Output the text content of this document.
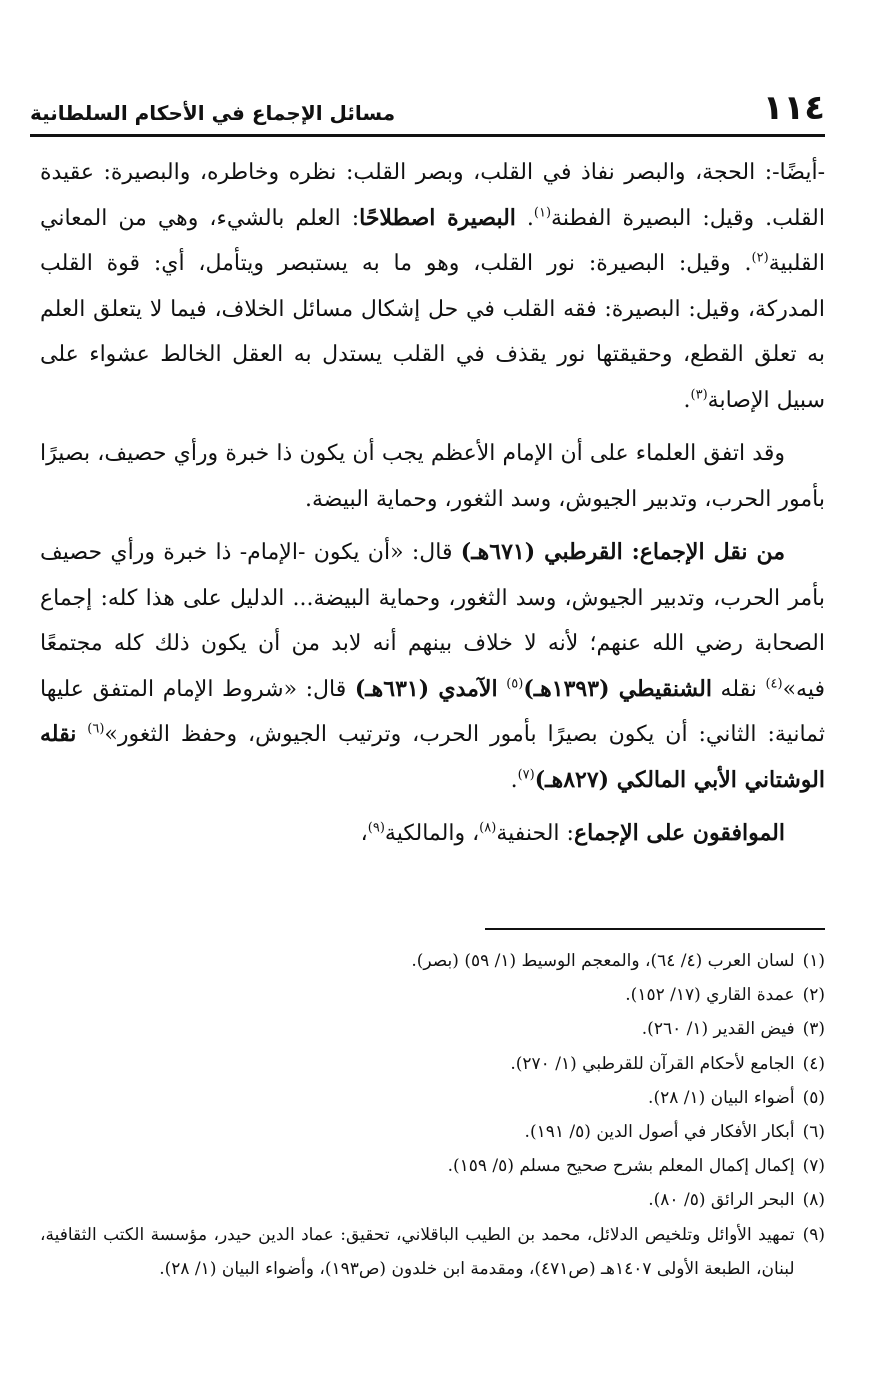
١١٤
مسائل الإجماع في الأحكام السلطانية

-أيضًا-: الحجة، والبصر نفاذ في القلب، وبصر القلب: نظره وخاطره، والبصيرة: عقيدة القلب. وقيل: البصيرة الفطنة$^{(١)}$. البصيرة اصطلاحًا: العلم بالشيء، وهي من المعاني القلبية$^{(٢)}$. وقيل: البصيرة: نور القلب، وهو ما به يستبصر ويتأمل، أي: قوة القلب المدركة، وقيل: البصيرة: فقه القلب في حل إشكال مسائل الخلاف، فيما لا يتعلق العلم به تعلق القطع، وحقيقتها نور يقذف في القلب يستدل به العقل الخالط عشواء على سبيل الإصابة$^{(٣)}$.

وقد اتفق العلماء على أن الإمام الأعظم يجب أن يكون ذا خبرة ورأي حصيف، بصيرًا بأمور الحرب، وتدبير الجيوش، وسد الثغور، وحماية البيضة.

من نقل الإجماع: القرطبي (٦٧١هـ) قال: «أن يكون -الإمام- ذا خبرة ورأي حصيف بأمر الحرب، وتدبير الجيوش، وسد الثغور، وحماية البيضة... الدليل على هذا كله: إجماع الصحابة رضي الله عنهم؛ لأنه لا خلاف بينهم أنه لابد من أن يكون ذلك كله مجتمعًا فيه»$^{(٤)}$ نقله الشنقيطي (١٣٩٣هـ)$^{(٥)}$ الآمدي (٦٣١هـ) قال: «شروط الإمام المتفق عليها ثمانية: الثاني: أن يكون بصيرًا بأمور الحرب، وترتيب الجيوش، وحفظ الثغور»$^{(٦)}$ نقله الوشتاني الأبي المالكي (٨٢٧هـ)$^{(٧)}$.

الموافقون على الإجماع: الحنفية$^{(٨)}$، والمالكية$^{(٩)}$،

(١)
لسان العرب (٤/ ٦٤)، والمعجم الوسيط (١/ ٥٩) (بصر).
(٢)
عمدة القاري (١٧/ ١٥٢).
(٣)
فيض القدير (١/ ٢٦٠).
(٤)
الجامع لأحكام القرآن للقرطبي (١/ ٢٧٠).
(٥)
أضواء البيان (١/ ٢٨).
(٦)
أبكار الأفكار في أصول الدين (٥/ ١٩١).
(٧)
إكمال إكمال المعلم بشرح صحيح مسلم (٥/ ١٥٩).
(٨)
البحر الرائق (٥/ ٨٠).
(٩)
تمهيد الأوائل وتلخيص الدلائل، محمد بن الطيب الباقلاني، تحقيق: عماد الدين حيدر، مؤسسة الكتب الثقافية، لبنان، الطبعة الأولى ١٤٠٧هـ (ص٤٧١)، ومقدمة ابن خلدون (ص١٩٣)، وأضواء البيان (١/ ٢٨).
